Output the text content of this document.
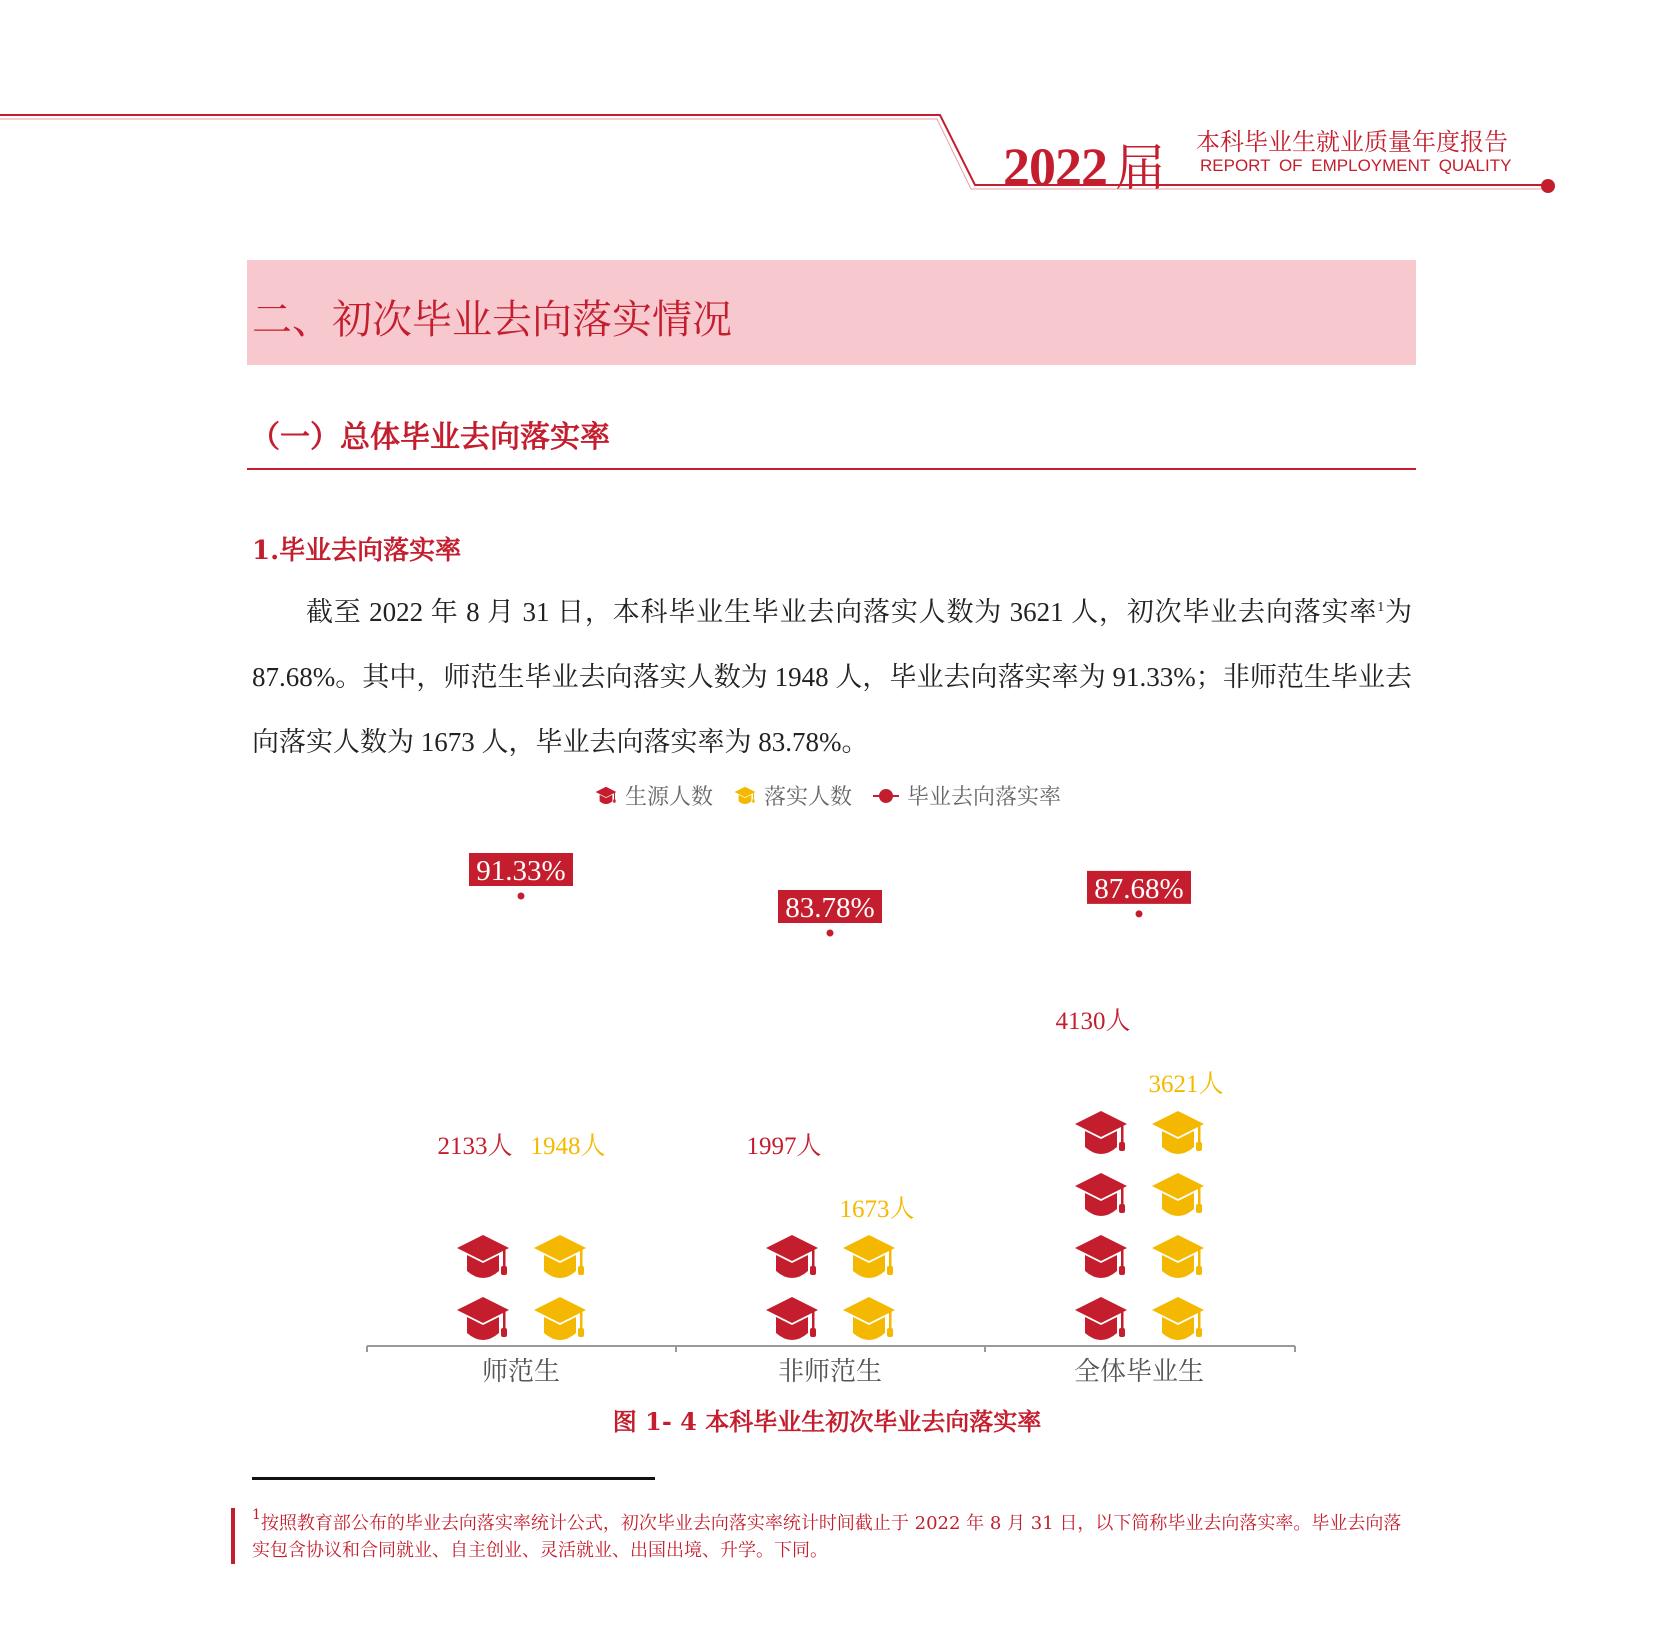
2022 届 本科毕业生就业质量年度报告
REPORT OF EMPLOYMENT QUALITY
二、初次毕业去向落实情况
（一）总体毕业去向落实率
1.毕业去向落实率
截至 2022 年 8 月 31 日，本科毕业生毕业去向落实人数为 3621 人，初次毕业去向落实率$^1$为 87.68%。其中，师范生毕业去向落实人数为 1948 人，毕业去向落实率为 91.33%；非师范生毕业去向落实人数为 1673 人，毕业去向落实率为 83.78%。
生源人数
落实人数
	毕业去向落实率
师范生
2133人 1948人
91.33%
非师范生
1997人
1673人
83.78%
全体毕业生
4130人
3621人
87.68%
图 1- 4 本科毕业生初次毕业去向落实率
$^1$按照教育部公布的毕业去向落实率统计公式，初次毕业去向落实率统计时间截止于 2022 年 8 月 31 日，以下简称毕业去向落实率。毕业去向落实包含协议和合同就业、自主创业、灵活就业、出国出境、升学。下同。
